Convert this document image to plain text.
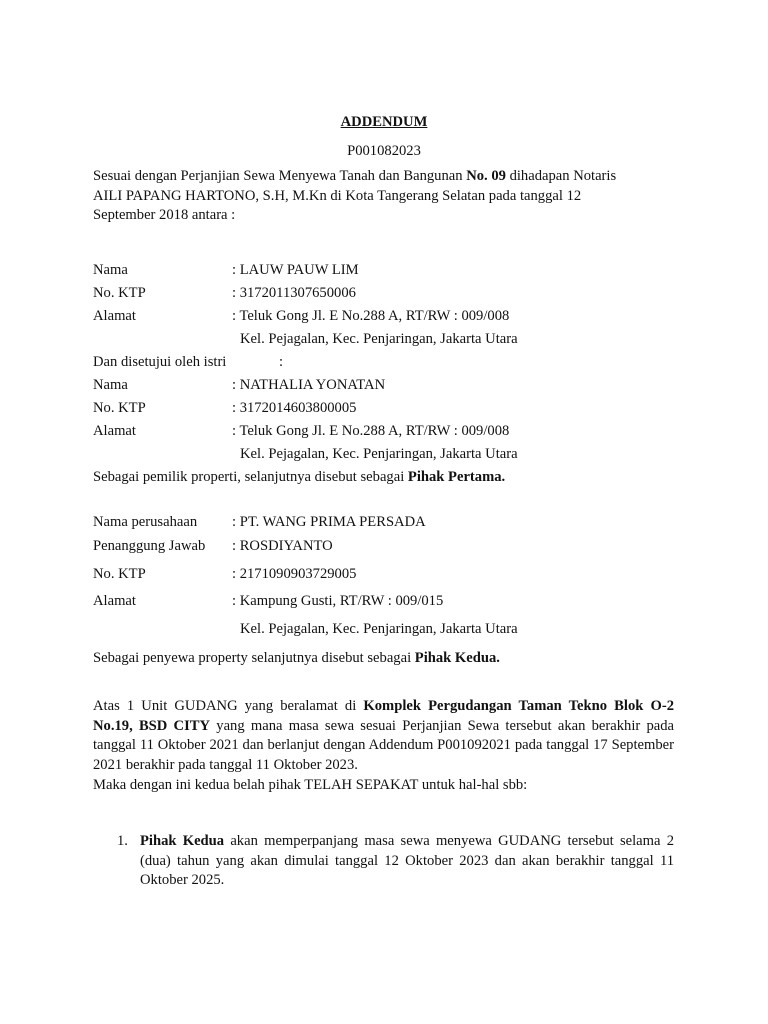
ADDENDUM
P001082023
Sesuai dengan Perjanjian Sewa Menyewa Tanah dan Bangunan No. 09 dihadapan Notaris
AILI PAPANG HARTONO, S.H, M.Kn di Kota Tangerang Selatan pada tanggal 12
September 2018 antara :
Nama	: LAUW PAUW LIM
No. KTP	: 3172011307650006
Alamat	: Teluk Gong Jl. E No.288 A, RT/RW : 009/008
Kel. Pejagalan, Kec. Penjaringan, Jakarta Utara
Dan disetujui oleh istri	:
Nama	: NATHALIA YONATAN
No. KTP	: 3172014603800005
Alamat	: Teluk Gong Jl. E No.288 A, RT/RW : 009/008
Kel. Pejagalan, Kec. Penjaringan, Jakarta Utara
Sebagai pemilik properti, selanjutnya disebut sebagai Pihak Pertama.
Nama perusahaan : PT. WANG PRIMA PERSADA
Penanggung Jawab : ROSDIYANTO
No. KTP	: 2171090903729005
Alamat	: Kampung Gusti, RT/RW : 009/015
Kel. Pejagalan, Kec. Penjaringan, Jakarta Utara
Sebagai penyewa property selanjutnya disebut sebagai Pihak Kedua.
Atas 1 Unit GUDANG yang beralamat di Komplek Pergudangan Taman Tekno Blok O-2 No.19, BSD CITY yang mana masa sewa sesuai Perjanjian Sewa tersebut akan berakhir pada tanggal 11 Oktober 2021 dan berlanjut dengan Addendum P001092021 pada tanggal 17 September 2021 berakhir pada tanggal 11 Oktober 2023.
Maka dengan ini kedua belah pihak TELAH SEPAKAT untuk hal-hal sbb:
1. Pihak Kedua akan memperpanjang masa sewa menyewa GUDANG tersebut selama 2 (dua) tahun yang akan dimulai tanggal 12 Oktober 2023 dan akan berakhir tanggal 11 Oktober 2025.
